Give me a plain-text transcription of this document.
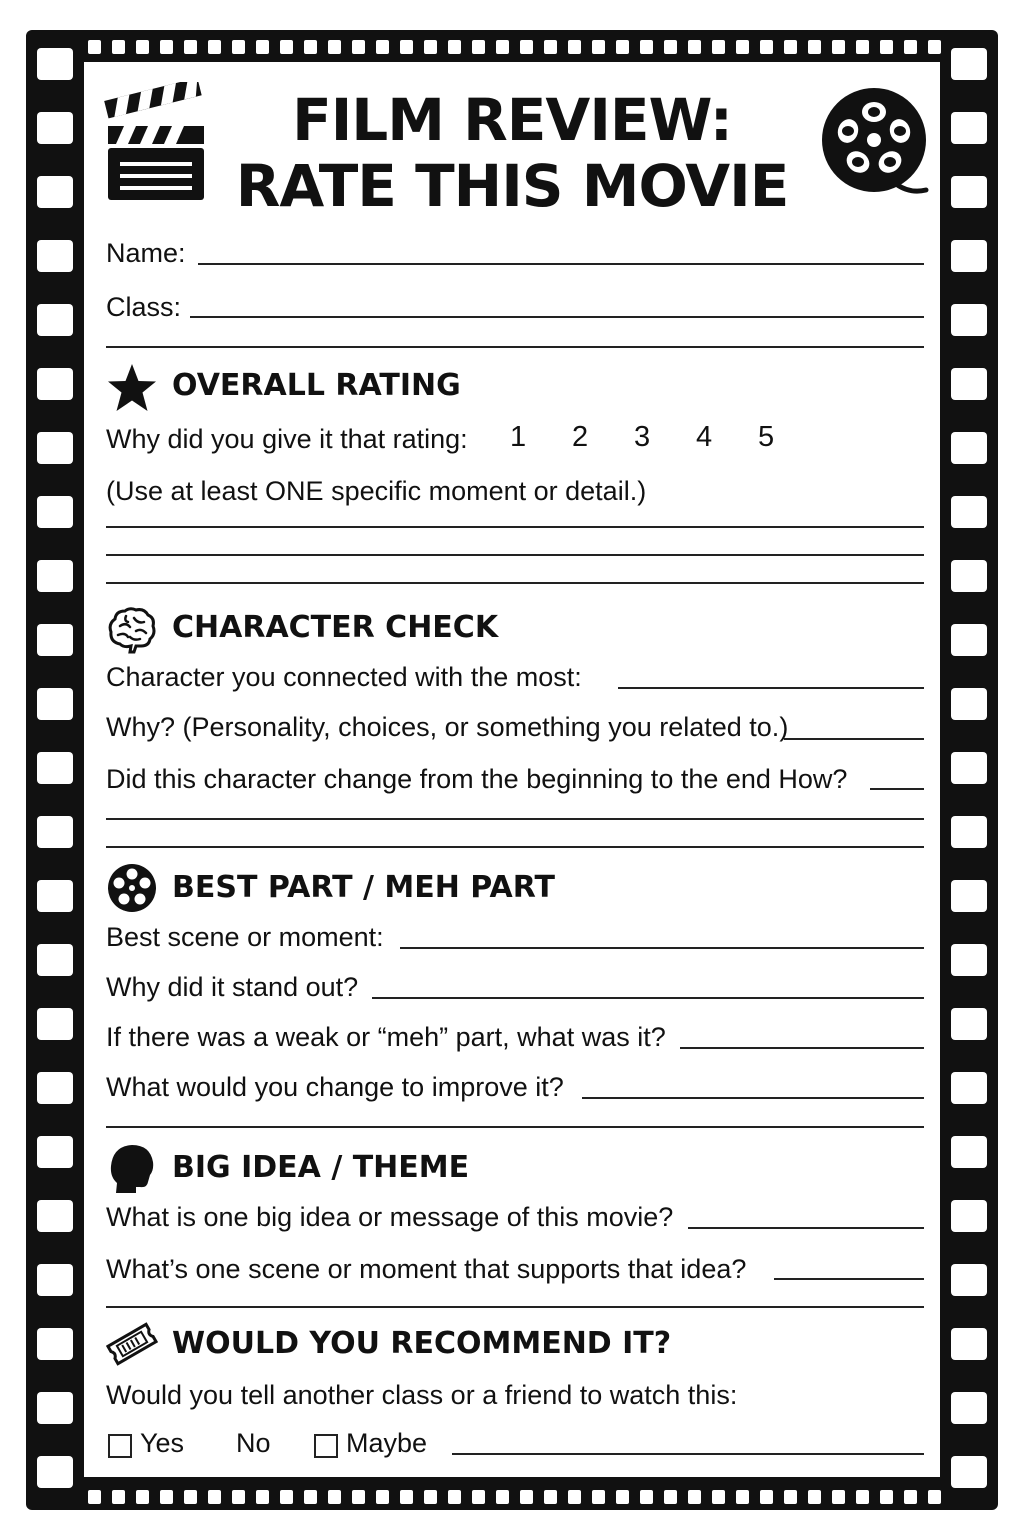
FILM REVIEW:
RATE THIS MOVIE
Name:
Class:
OVERALL RATING
Why did you give it that rating: 1 2 3 4 5
(Use at least ONE specific moment or detail.)
CHARACTER CHECK
Character you connected with the most:
Why? (Personality, choices, or something you related to.)
Did this character change from the beginning to the end How?
BEST PART / MEH PART
Best scene or moment:
Why did it stand out?
If there was a weak or “meh” part, what was it?
What would you change to improve it?
BIG IDEA / THEME
What is one big idea or message of this movie?
What’s one scene or moment that supports that idea?
WOULD YOU RECOMMEND IT?
Would you tell another class or a friend to watch this:
Yes No	Maybe
